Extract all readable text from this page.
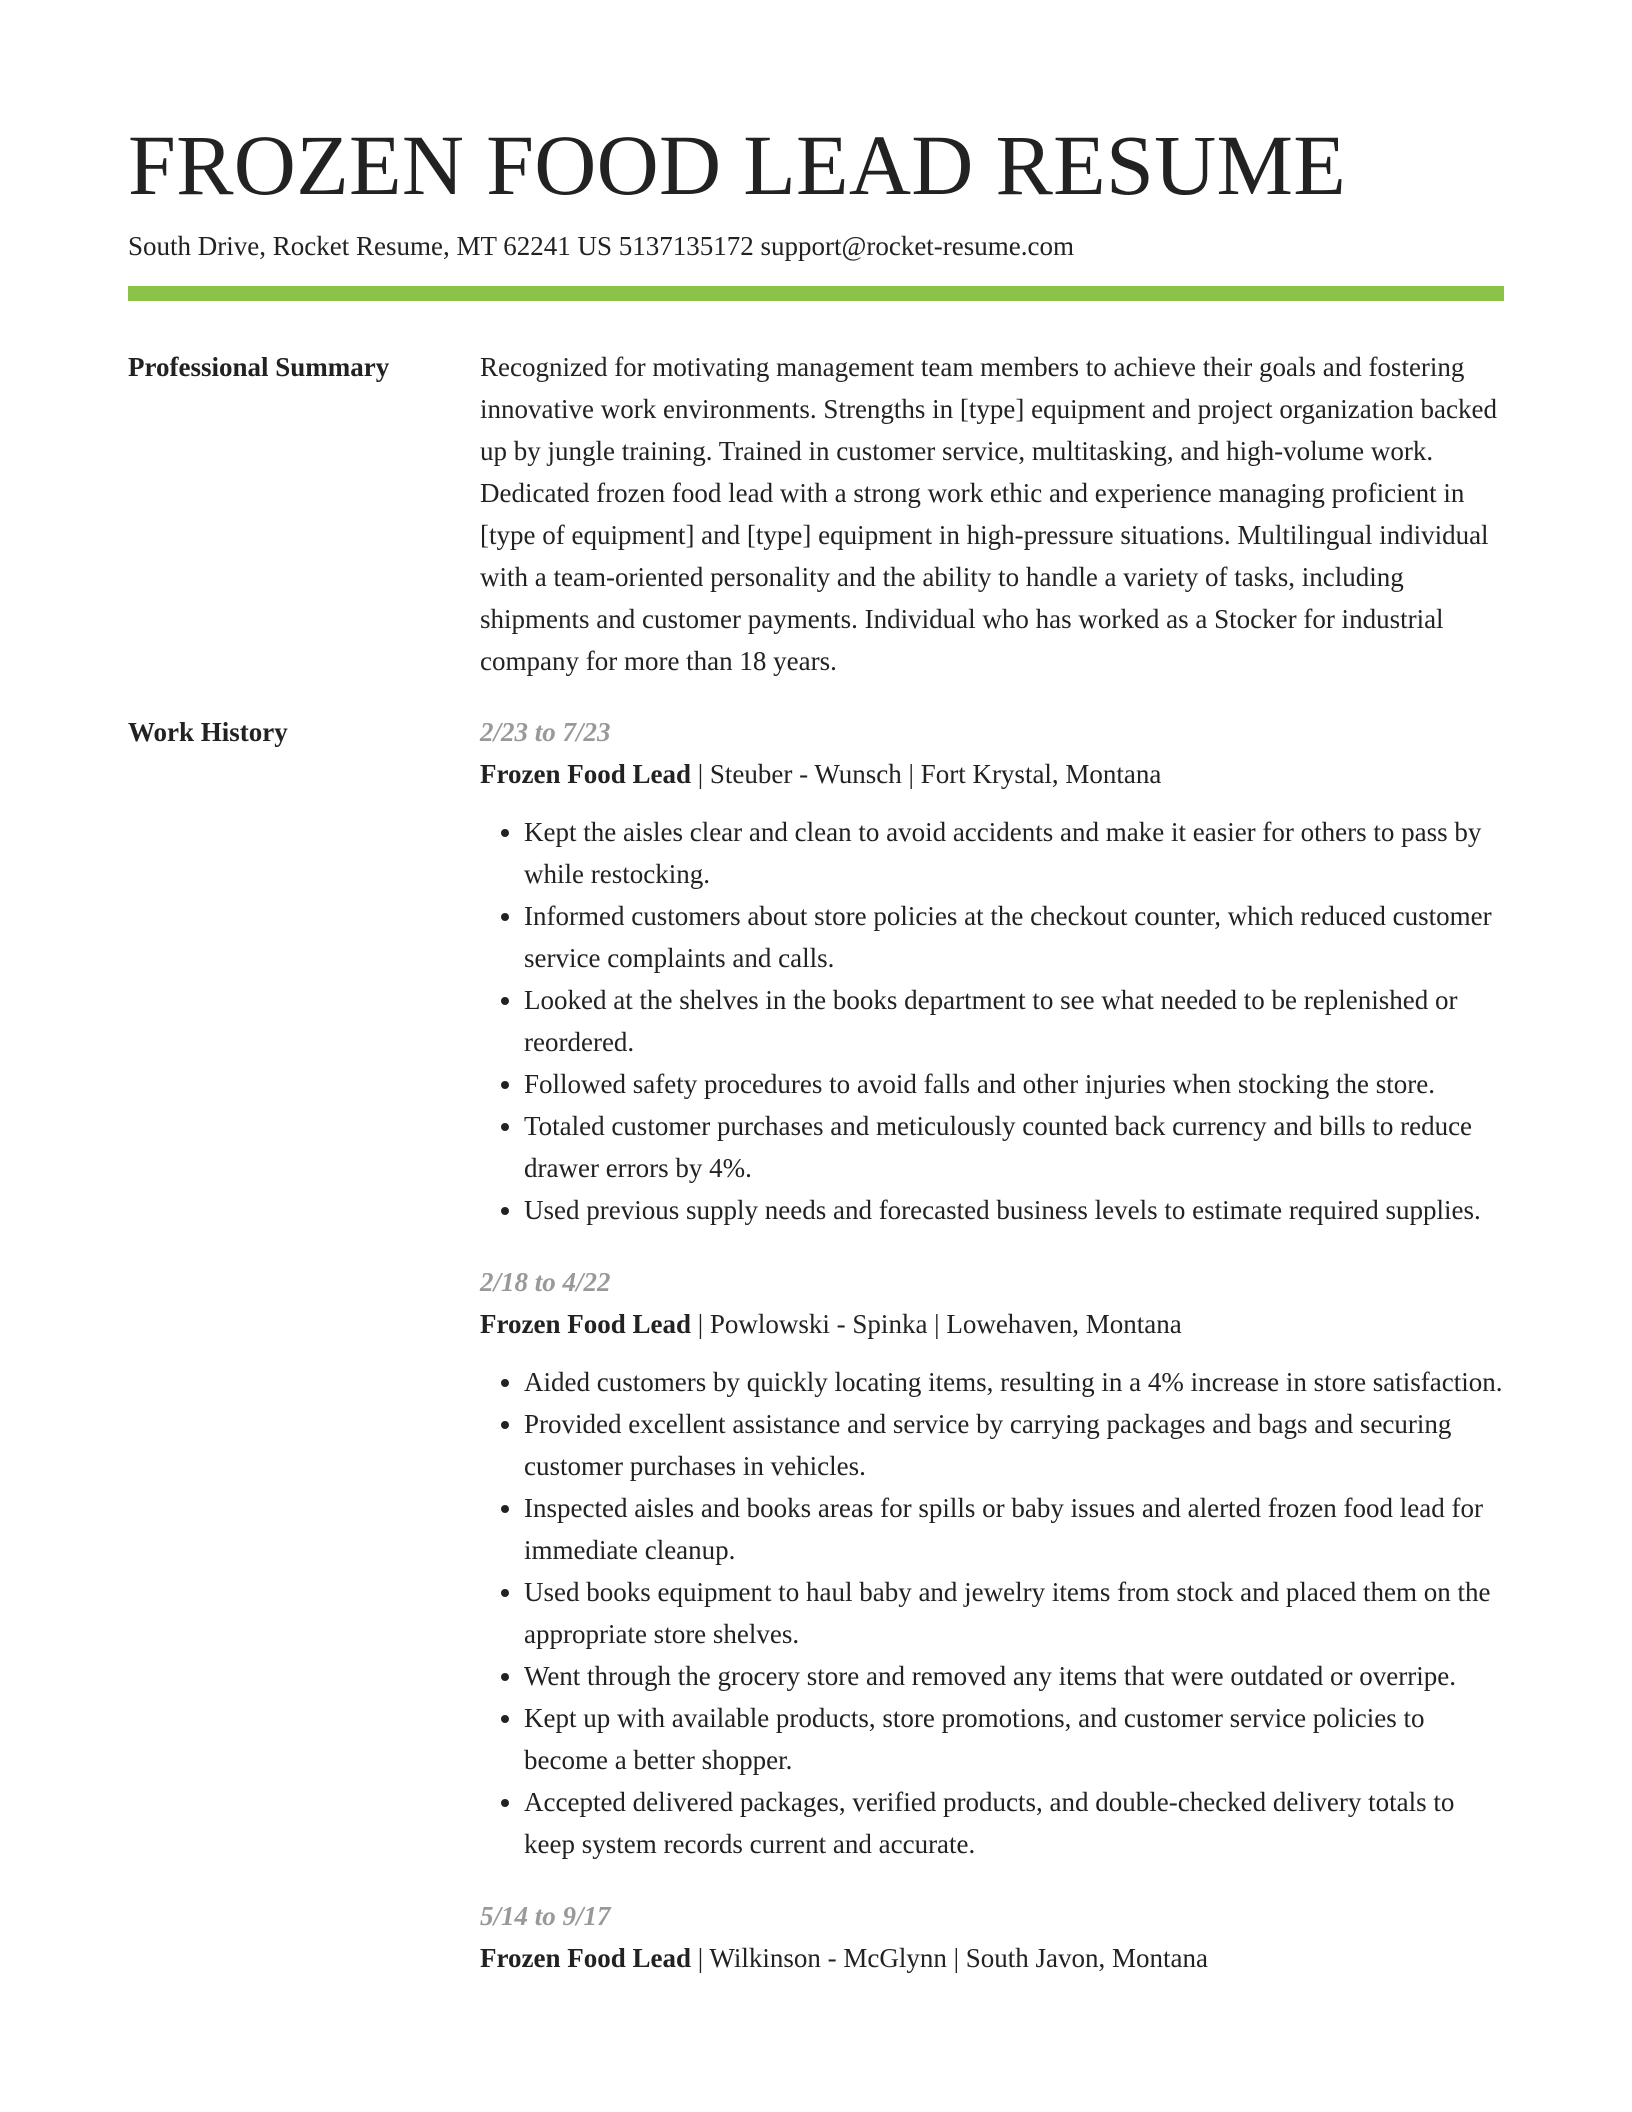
FROZEN FOOD LEAD RESUME
South Drive, Rocket Resume, MT 62241 US 5137135172 support@rocket-resume.com
Professional Summary	Recognized for motivating management team members to achieve their goals and fostering innovative work environments. Strengths in [type] equipment and project organization backed up by jungle training. Trained in customer service, multitasking, and high-volume work. Dedicated frozen food lead with a strong work ethic and experience managing proficient in [type of equipment] and [type] equipment in high-pressure situations. Multilingual individual with a team-oriented personality and the ability to handle a variety of tasks, including shipments and customer payments. Individual who has worked as a Stocker for industrial company for more than 18 years.

Work History	2/23 to 7/23
Frozen Food Lead | Steuber - Wunsch | Fort Krystal, Montana
• Kept the aisles clear and clean to avoid accidents and make it easier for others to pass by while restocking.
• Informed customers about store policies at the checkout counter, which reduced customer service complaints and calls.
• Looked at the shelves in the books department to see what needed to be replenished or reordered.
• Followed safety procedures to avoid falls and other injuries when stocking the store.
• Totaled customer purchases and meticulously counted back currency and bills to reduce drawer errors by 4%.
• Used previous supply needs and forecasted business levels to estimate required supplies.
2/18 to 4/22
Frozen Food Lead | Powlowski - Spinka | Lowehaven, Montana
• Aided customers by quickly locating items, resulting in a 4% increase in store satisfaction.
• Provided excellent assistance and service by carrying packages and bags and securing customer purchases in vehicles.
• Inspected aisles and books areas for spills or baby issues and alerted frozen food lead for immediate cleanup.
• Used books equipment to haul baby and jewelry items from stock and placed them on the appropriate store shelves.
• Went through the grocery store and removed any items that were outdated or overripe.
• Kept up with available products, store promotions, and customer service policies to become a better shopper.
• Accepted delivered packages, verified products, and double-checked delivery totals to keep system records current and accurate.
5/14 to 9/17
Frozen Food Lead | Wilkinson - McGlynn | South Javon, Montana
